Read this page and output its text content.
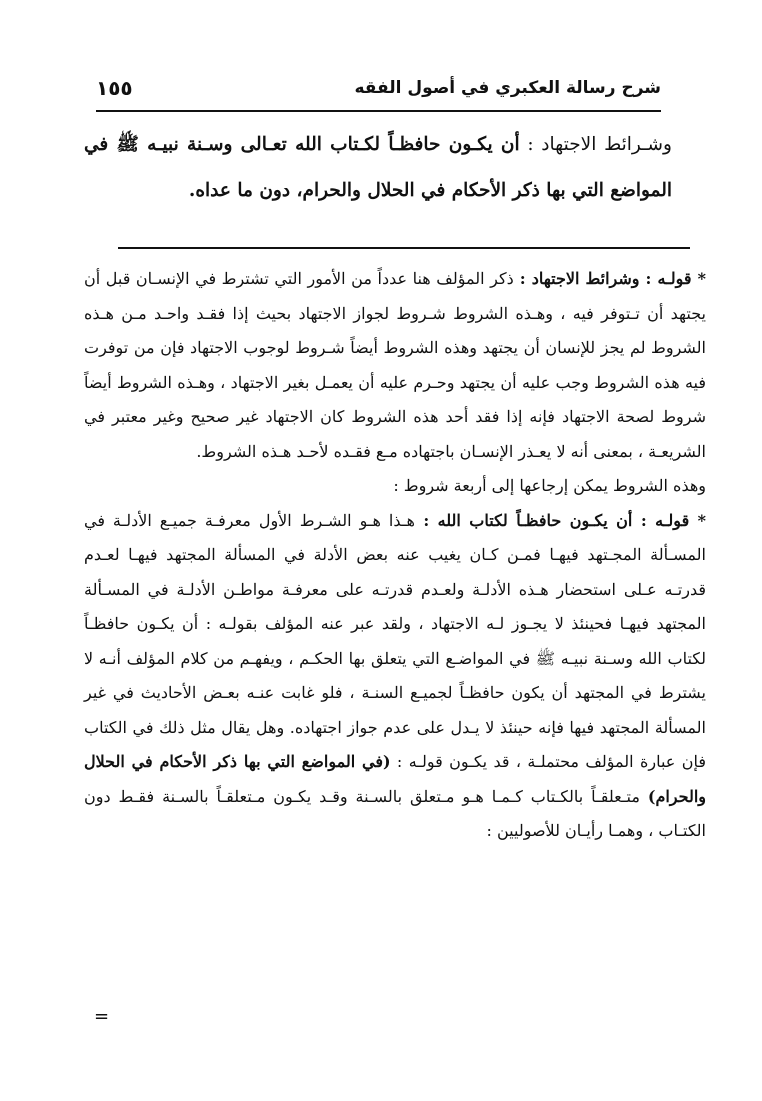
شرح رسالة العكبري في أصول الفقه
١٥٥

وشـرائط الاجتهاد : أن يكـون حافظـاً لكـتاب الله تعـالى وسـنة نبيـه ﷺ في المواضع التي بها ذكر الأحكام في الحلال والحرام، دون ما عداه.

* قولـه : وشرائط الاجتهاد : ذكر المؤلف هنا عدداً من الأمور التي تشترط في الإنسـان قبل أن يجتهد أن تـتوفر فيه ، وهـذه الشروط شـروط لجواز الاجتهاد بحيث إذا فقـد واحـد مـن هـذه الشروط لم يجز للإنسان أن يجتهد وهذه الشروط أيضاً شـروط لوجوب الاجتهاد فإن من توفرت فيه هذه الشروط وجب عليه أن يجتهد وحـرم عليه أن يعمـل بغير الاجتهاد ، وهـذه الشروط أيضاً شروط لصحة الاجتهاد فإنه إذا فقد أحد هذه الشروط كان الاجتهاد غير صحيح وغير معتبر في الشريعـة ، بمعنى أنه لا يعـذر الإنسـان باجتهاده مـع فقـده لأحـد هـذه الشروط.

وهذه الشروط يمكن إرجاعها إلى أربعة شروط :

* قولـه : أن يكـون حافظـاً لكتاب الله : هـذا هـو الشـرط الأول معرفـة جميـع الأدلـة في المسـألة المجـتهد فيهـا فمـن كـان يغيب عنه بعض الأدلة في المسألة المجتهد فيهـا لعـدم قدرتـه عـلى استحضار هـذه الأدلـة ولعـدم قدرتـه على معرفـة مواطـن الأدلـة في المسـألة المجتهد فيهـا فحينئذ لا يجـوز لـه الاجتهاد ، ولقد عبر عنه المؤلف بقولـه : أن يكـون حافظـاً لكتاب الله وسـنة نبيـه ﷺ في المواضـع التي يتعلق بها الحكـم ، ويفهـم من كلام المؤلف أنـه لا يشترط في المجتهد أن يكون حافظـاً لجميـع السنـة ، فلو غابت عنـه بعـض الأحاديث في غير المسألة المجتهد فيها فإنه حينئذ لا يـدل على عدم جواز اجتهاده. وهل يقال مثل ذلك في الكتاب فإن عبارة المؤلف محتملـة ، قد يكـون قولـه : (في المواضع التي بها ذكر الأحكام في الحلال والحرام) متـعلقـاً بالكـتاب كـمـا هـو مـتعلق بالسـنة وقـد يكـون مـتعلقـاً بالسـنة فقـط دون الكتـاب ، وهمـا رأيـان للأصوليين :

=
